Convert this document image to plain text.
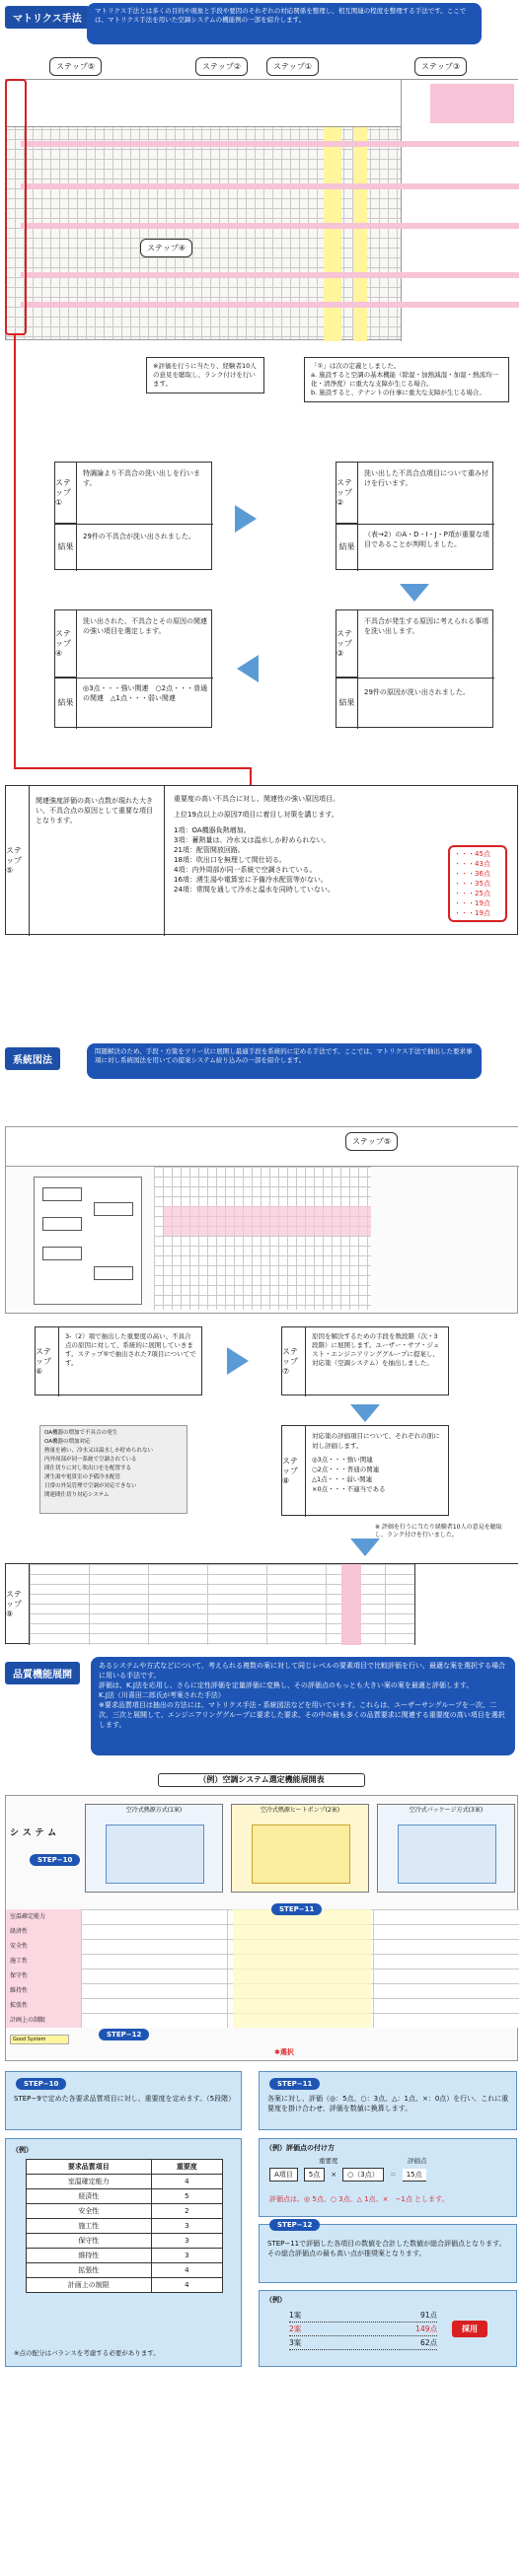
マトリクス手法
マトリクス手法とは多くの目的や現象と手段や要因のそれぞれの対応関係を整理し、相互関連の程度を整理する手法です。ここでは、マトリクス手法を用いた空調システムの機能例の一部を紹介します。
ステップ⑤	ステップ②	ステップ①	ステップ③
ステップ④
※評価を行うに当たり、経験者10人の意見を聴取し、ランク付けを行います。
「①」は次の定義としました。
a. 施設すると空調の基本機能（除湿・加熱減湿・加湿・熱流均一化・清浄度）に重大な支障が生じる場合。
b. 施設すると、テナントの仕事に重大な支障が生じる場合。
ステップ①
特調論より不具合の洗い出しを行います。
結果
29件の不具合が洗い出されました。
ステップ②
洗い出した不具合点項目について重み付けを行います。
結果
（表→2）のA・D・I・J・P項が重要な項目であることが判明しました。
ステップ④
洗い出された、不具合とその原因の関連の強い項目を選定します。
結果
◎3点・・・強い関連　○2点・・・普通の関連　△1点・・・弱い関連
ステップ③
不具合が発生する原因に考えられる事項を洗い出します。
結果
29件の原因が洗い出されました。
ステップ⑤
関連強度評価の高い点数が現れた大きい、不具合点の原因として重要な項目となります。
重要度の高い不具合に対し、関連性の強い原因項目。
上位19点以上の原因7項目に着目し対策を講じます。
1項：OA機器負熱増加。
3項：蓄熱量は、冷水又は温水しか貯められない。
21項：配管開放回路。
18項：吹出口を無理して間仕切る。
4項：内外周部が同一系統で空調されている。
16項：湧生湯や電算室に予備冷水配管等がない。
24項：常間を通して冷水と温水を同時していない。
・・・45点
・・・43点
・・・36点
・・・35点
・・・25点
・・・19点
・・・19点
系統図法
問題解決のため、手段・方策をツリー状に展開し最適手段を系統的に定める手法です。ここでは、マトリクス手法で抽出した要求事項に対し系統図法を用いての提案システム絞り込みの一部を紹介します。
ステップ⑤
ステップ⑥
3-（2）項で抽出した重要度の高い、不具合点の原因に対して、系統的に展開していきます。ステップ⑤で抽出された7項目についてです。
ステップ⑦
原因を解決するための手段を数段階（次・3段階）に展開します。ユーザー・サブ・ジェスト・エンジニアリンググループに提案し、対応策（空調システム）を抽出しました。
OA機器の増加で不具合の発生
OA機器の増加対応
熱量を補い、冷水又は温水しか貯められない
内外周部が同一系統で空調されている
間仕切りに対し吹出口をを配置する
湧生湯や電算室の予備冷水配管
日常の外気管理で空調が対応できない
関連間仕切り対応システム
ステップ⑧
対応策の評価項目について、それぞれの面に対し評価します。
◎3点・・・強い関連
○2点・・・普通の関連
△1点・・・弱い関連
×0点・・・不適当である
※ 評価を行うに当たり経験者10人の意見を聴取し、ランク付けを行いました。
ステップ⑨
品質機能展開
あるシステムや方式などについて、考えられる複数の案に対して同じレベルの要素項目で比較評価を行い、最適な案を選択する場合に用いる手法です。
評価は、K.J法を応用し、さらに定性評価を定量評価に変換し、その評価点のもっとも大きい案の案を最適と評価します。
K.J法（川喜田二郎氏が考案された手法）
※要求品質項目は抽出の方法には、マトリクス手法・系統図法などを用いています。これらは、ユーザーサングループを一次、二次、三次と展開して、エンジニアリンググループに要求した要求、その中の最も多くの品質要求に関連する重要度の高い項目を選択します。
（例）空調システム選定機能展開表
システム
空冷式熱源方式(1案)	空冷式熱源ヒートポンプ(2案)	空冷式パッケージ方式(3案)
室温確定能力
経済性
安全性
施工性
保守性
維持性
拡張性
計画上の制限
Good System
STEP−10
STEP−11
STEP−12
✱選択
STEP−10
STEP−9で定めた各要求品質項目に対し、重要度を定めます。（5段階）
（例）
要求品質項目	重要度
室温確定能力	4
経済性	5
安全性	2
施工性	3
保守性	3
維持性	3
拡張性	4
計画上の制限	4
※点の配分はバランスを考慮する必要があります。
STEP−11
各案に対し、評価（◎：5点、○：3点、△：1点、×：0点）を行い、これに重要度を掛け合わせ、評価を数値に換算します。
（例）評価点の付け方
重要度	評価点
A項目	5点	×	○（3点）	＝	15点
評価点は、◎ 5点、○ 3点、△ 1点、×　−1点 とします。
STEP−12
STEP−11で評価した各項目の数値を合計した数値が総合評価点となります。その総合評価点の最も高い点が推奨案となります。
（例）
1案	91点
2案	149点
3案	62点
採用
